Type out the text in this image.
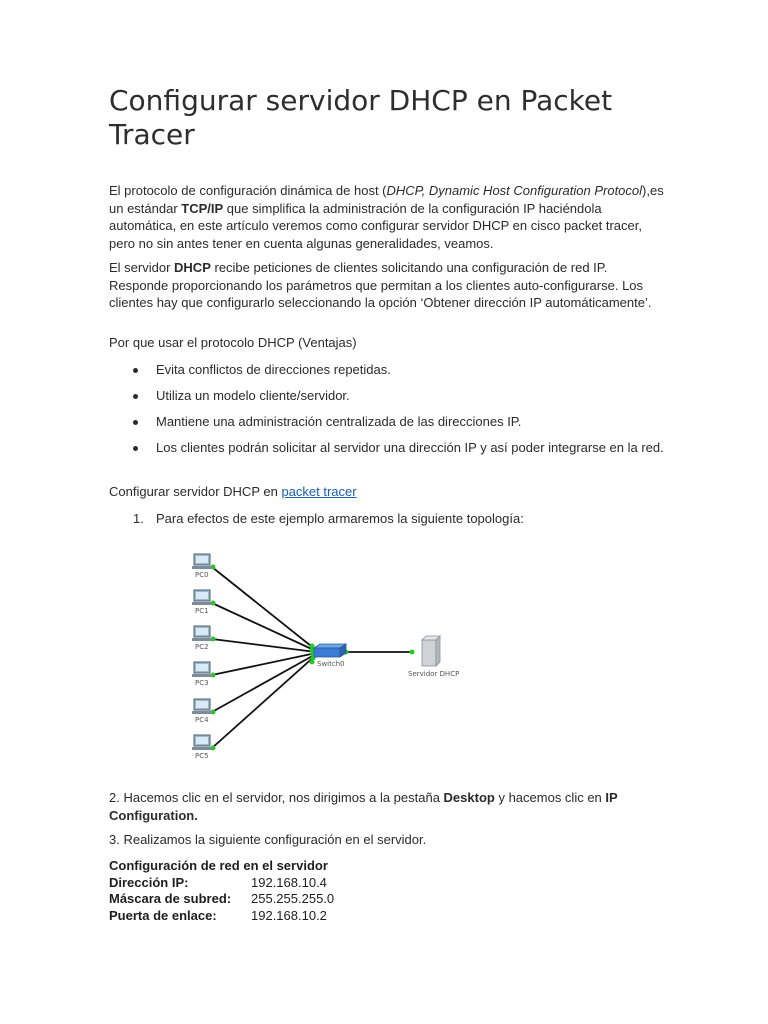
Configurar servidor DHCP en Packet Tracer

El protocolo de configuración dinámica de host (DHCP, Dynamic Host Configuration Protocol),es un estándar TCP/IP que simplifica la administración de la configuración IP haciéndola automática, en este artículo veremos como configurar servidor DHCP en cisco packet tracer, pero no sin antes tener en cuenta algunas generalidades, veamos.

El servidor DHCP recibe peticiones de clientes solicitando una configuración de red IP. Responde proporcionando los parámetros que permitan a los clientes auto-configurarse. Los clientes hay que configurarlo seleccionando la opción ‘Obtener dirección IP automáticamente’.

Por que usar el protocolo DHCP (Ventajas)

Evita conflictos de direcciones repetidas.
Utiliza un modelo cliente/servidor.
Mantiene una administración centralizada de las direcciones IP.
Los clientes podrán solicitar al servidor una dirección IP y así poder integrarse en la red.

Configurar servidor DHCP en packet tracer

1. Para efectos de este ejemplo armaremos la siguiente topología:
PC0
PC1
PC2
PC3
PC4
PC5
Switch0
Servidor DHCP

2. Hacemos clic en el servidor, nos dirigimos a la pestaña Desktop y hacemos clic en IP Configuration.

3. Realizamos la siguiente configuración en el servidor.

Configuración de red en el servidor
Dirección IP:	192.168.10.4
Máscara de subred:	255.255.255.0
Puerta de enlace:	192.168.10.2
